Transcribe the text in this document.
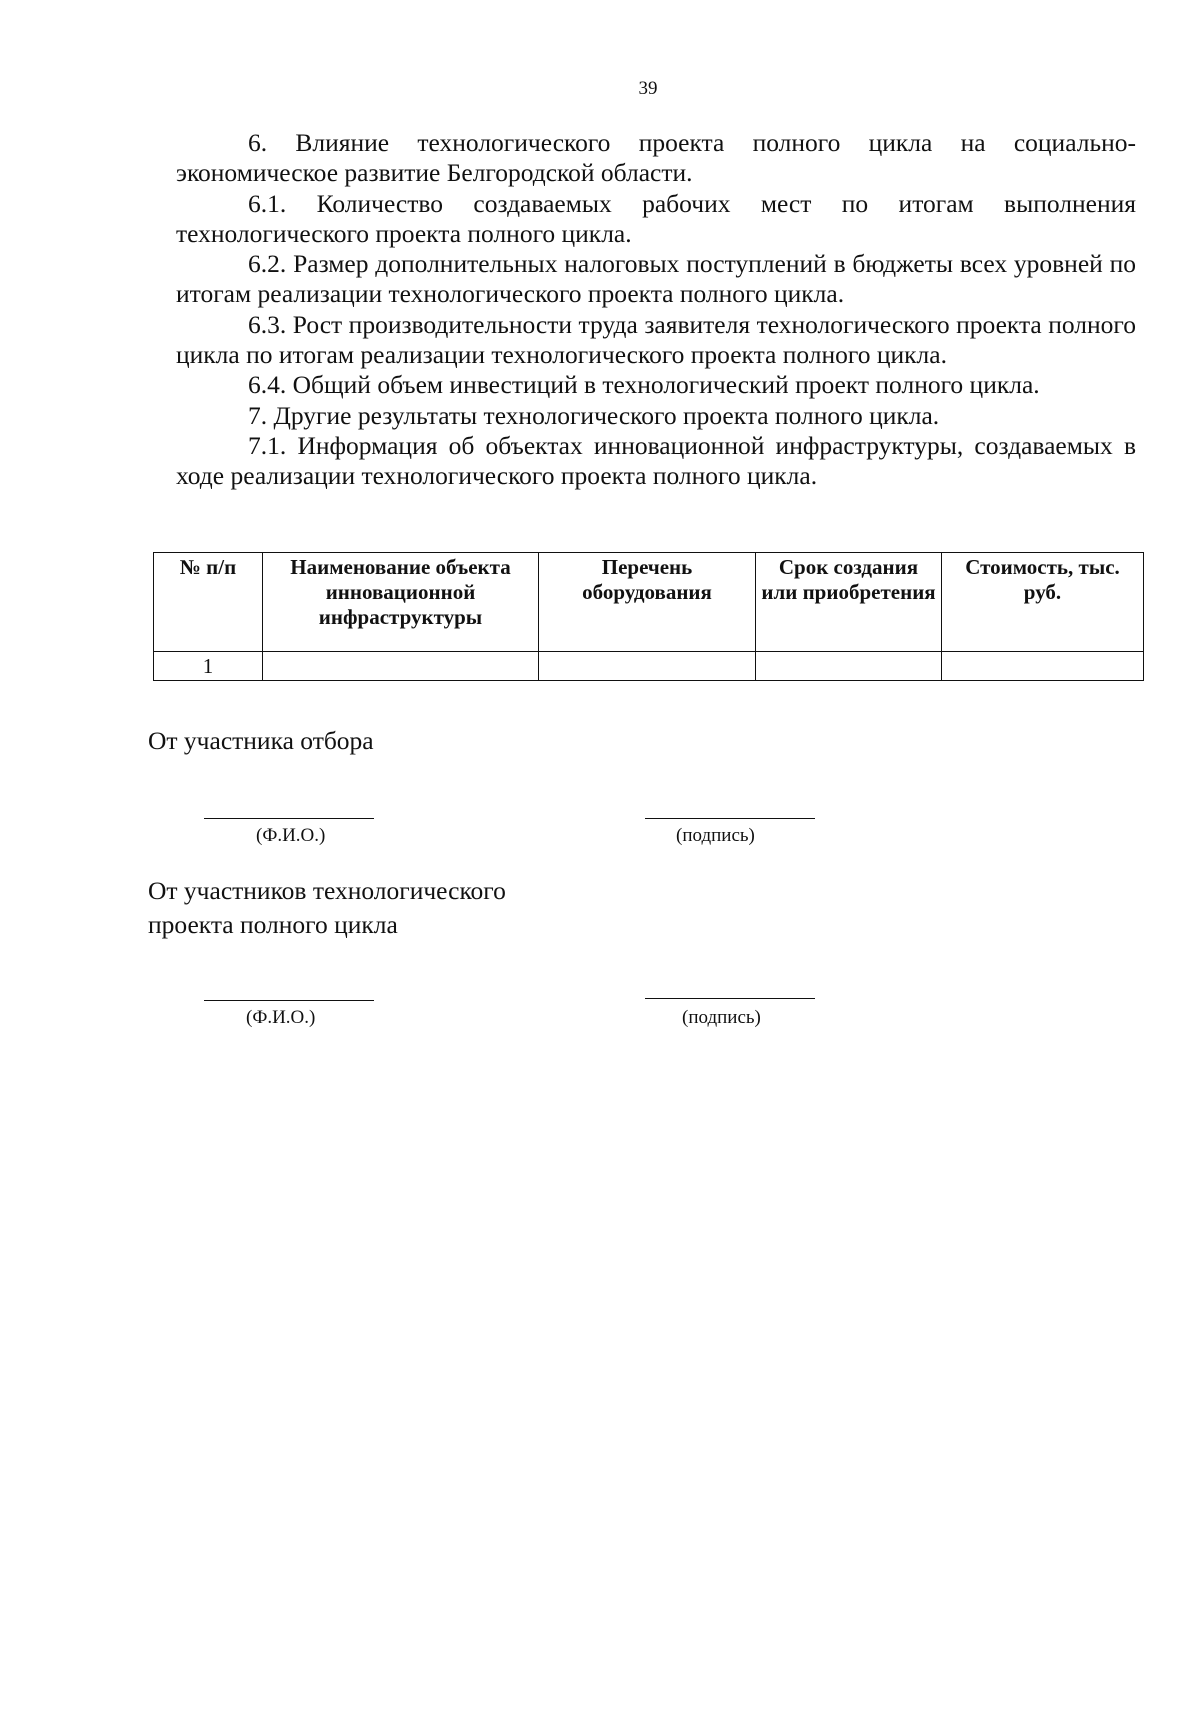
39

6. Влияние технологического проекта полного цикла на социально-экономическое развитие Белгородской области.

6.1. Количество создаваемых рабочих мест по итогам выполнения технологического проекта полного цикла.

6.2. Размер дополнительных налоговых поступлений в бюджеты всех уровней по итогам реализации технологического проекта полного цикла.

6.3. Рост производительности труда заявителя технологического проекта полного цикла по итогам реализации технологического проекта полного цикла.

6.4. Общий объем инвестиций в технологический проект полного цикла.

7. Другие результаты технологического проекта полного цикла.

7.1. Информация об объектах инновационной инфраструктуры, создаваемых в ходе реализации технологического проекта полного цикла.

№ п/п	Наименование объекта инновационной инфраструктуры	Перечень оборудования	Срок создания или приобретения	Стоимость, тыс. руб.
1				
От участника отбора
(Ф.И.О.)	(подпись)
От участников технологического
проекта полного цикла
(Ф.И.О.)	(подпись)
